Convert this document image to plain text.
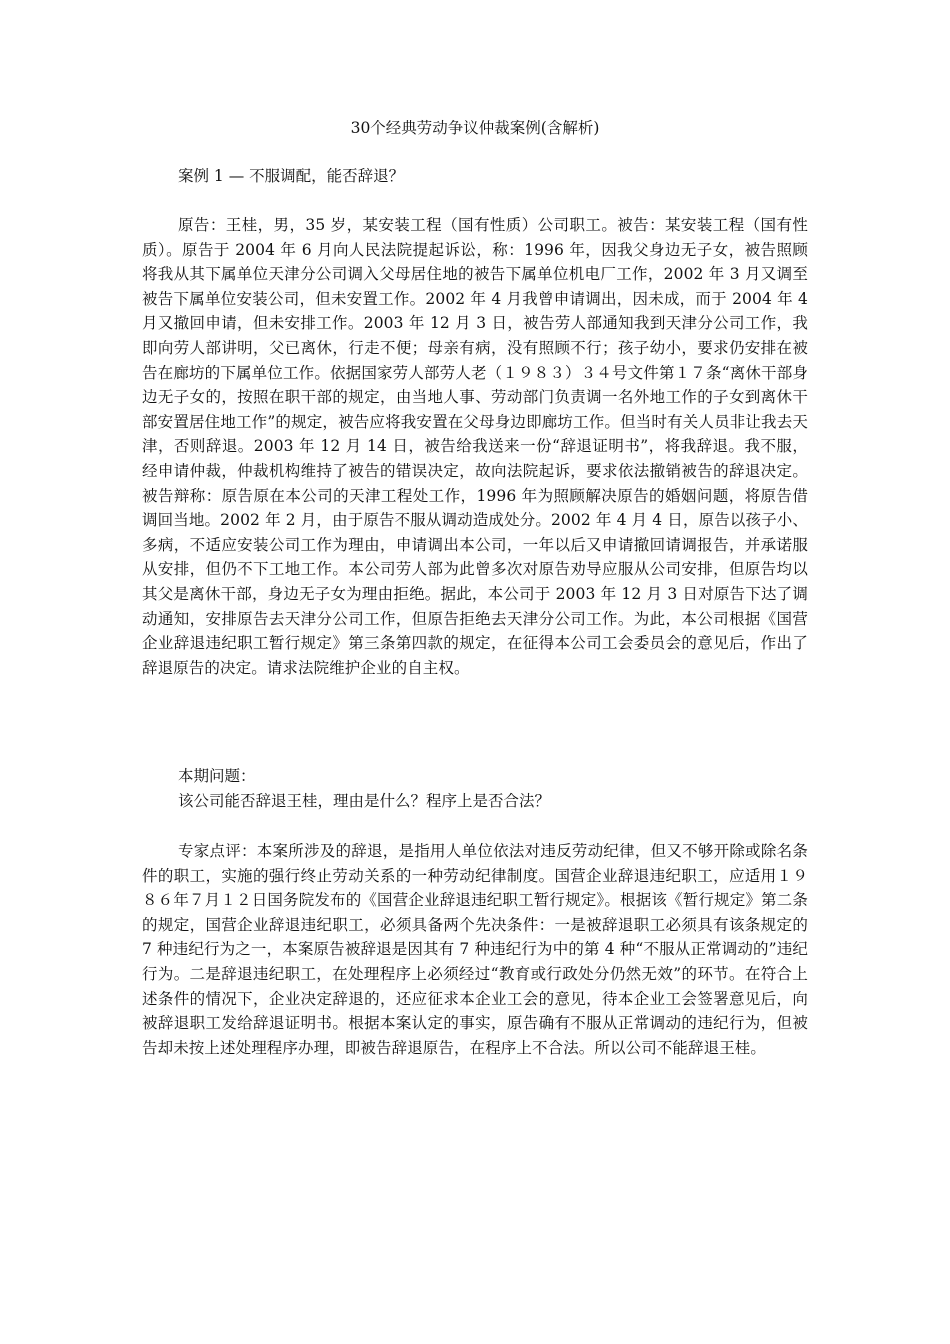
30个经典劳动争议仲裁案例(含解析)

案例 1 — 不服调配，能否辞退？

原告：王桂，男，35 岁，某安装工程（国有性质）公司职工。被告：某安装工程（国有性质）。原告于 2004 年 6 月向人民法院提起诉讼，称：1996 年，因我父身边无子女，被告照顾将我从其下属单位天津分公司调入父母居住地的被告下属单位机电厂工作，2002 年 3 月又调至被告下属单位安装公司，但未安置工作。2002 年 4 月我曾申请调出，因未成，而于 2004 年 4 月又撤回申请，但未安排工作。2003 年 12 月 3 日，被告劳人部通知我到天津分公司工作，我即向劳人部讲明，父已离休，行走不便；母亲有病，没有照顾不行；孩子幼小，要求仍安排在被告在廊坊的下属单位工作。依据国家劳人部劳人老（１９８３）３４号文件第１７条“离休干部身边无子女的，按照在职干部的规定，由当地人事、劳动部门负责调一名外地工作的子女到离休干部安置居住地工作”的规定，被告应将我安置在父母身边即廊坊工作。但当时有关人员非让我去天津，否则辞退。2003 年 12 月 14 日，被告给我送来一份“辞退证明书”，将我辞退。我不服，经申请仲裁，仲裁机构维持了被告的错误决定，故向法院起诉，要求依法撤销被告的辞退决定。被告辩称：原告原在本公司的天津工程处工作，1996 年为照顾解决原告的婚姻问题，将原告借调回当地。2002 年 2 月，由于原告不服从调动造成处分。2002 年 4 月 4 日，原告以孩子小、多病，不适应安装公司工作为理由，申请调出本公司，一年以后又申请撤回请调报告，并承诺服从安排，但仍不下工地工作。本公司劳人部为此曾多次对原告劝导应服从公司安排，但原告均以其父是离休干部，身边无子女为理由拒绝。据此，本公司于 2003 年 12 月 3 日对原告下达了调动通知，安排原告去天津分公司工作，但原告拒绝去天津分公司工作。为此，本公司根据《国营企业辞退违纪职工暂行规定》第三条第四款的规定，在征得本公司工会委员会的意见后，作出了辞退原告的决定。请求法院维护企业的自主权。

本期问题：

该公司能否辞退王桂，理由是什么？程序上是否合法？

专家点评：本案所涉及的辞退，是指用人单位依法对违反劳动纪律，但又不够开除或除名条件的职工，实施的强行终止劳动关系的一种劳动纪律制度。国营企业辞退违纪职工，应适用１９８６年７月１２日国务院发布的《国营企业辞退违纪职工暂行规定》。根据该《暂行规定》第二条的规定，国营企业辞退违纪职工，必须具备两个先决条件：一是被辞退职工必须具有该条规定的 7 种违纪行为之一，本案原告被辞退是因其有 7 种违纪行为中的第 4 种“不服从正常调动的”违纪行为。二是辞退违纪职工，在处理程序上必须经过“教育或行政处分仍然无效”的环节。在符合上述条件的情况下，企业决定辞退的，还应征求本企业工会的意见，待本企业工会签署意见后，向被辞退职工发给辞退证明书。根据本案认定的事实，原告确有不服从正常调动的违纪行为，但被告却未按上述处理程序办理，即被告辞退原告，在程序上不合法。所以公司不能辞退王桂。
